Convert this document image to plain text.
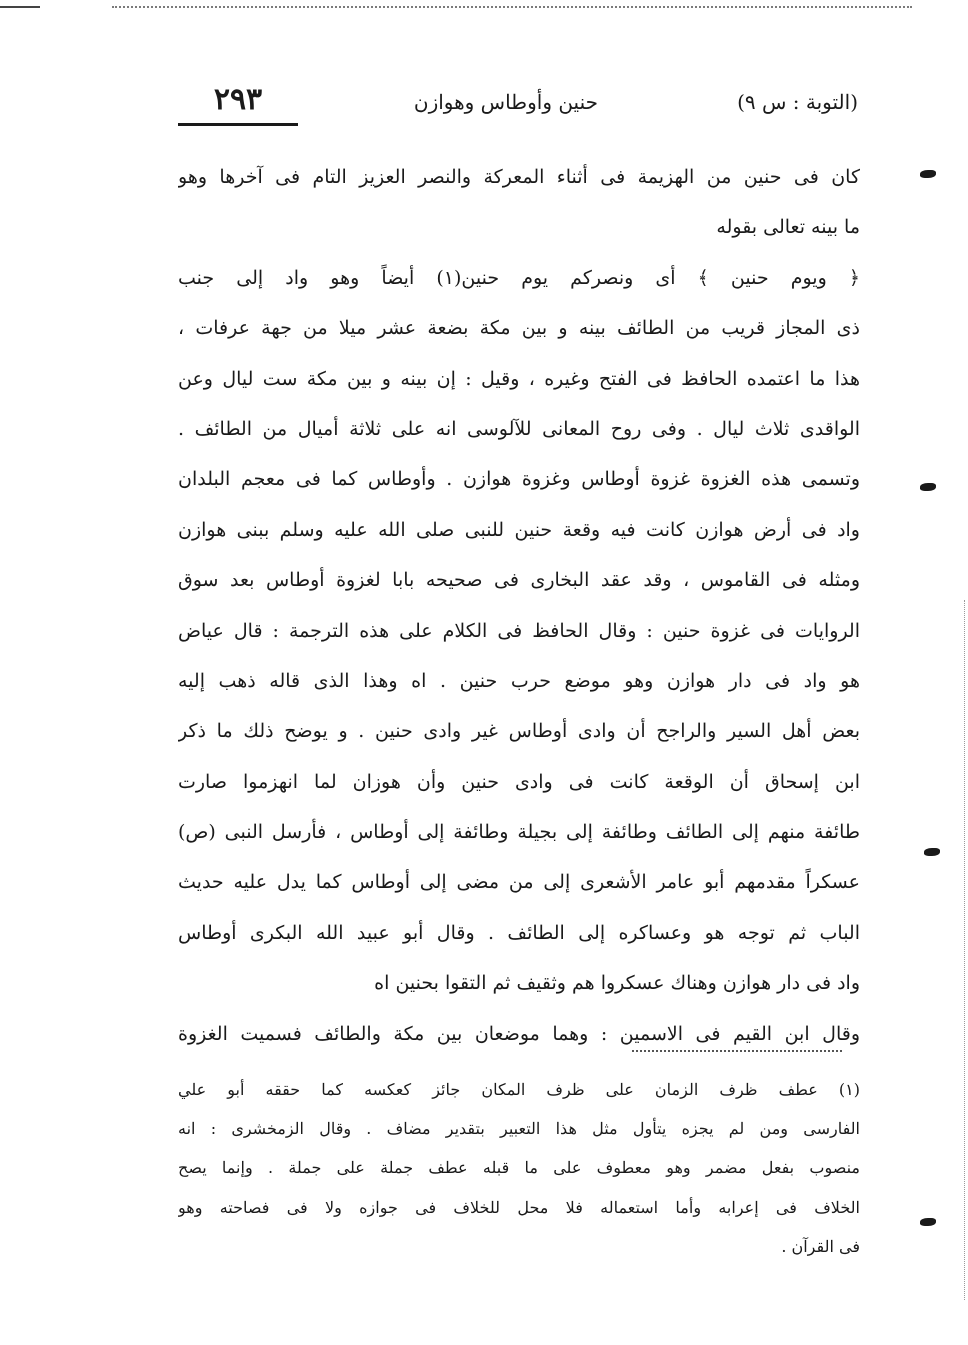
(التوبة : س ٩)
حنين وأوطاس وهوازن
٢٩٣
كان فى حنين من الهزيمة فى أثناء المعركة والنصر العزيز التام فى آخرها وهو
ما بينه تعالى بقوله
﴿ ويوم حنين ﴾ أى ونصركم يوم حنين(١) أيضاً وهو واد إلى جنب
ذى المجاز قريب من الطائف بينه و بين مكة بضعة عشر ميلا من جهة عرفات ،
هذا ما اعتمده الحافظ فى الفتح وغيره ، وقيل : إن بينه و بين مكة ست ليال وعن
الواقدى ثلاث ليال . وفى روح المعانى للآلوسى انه على ثلاثة أميال من الطائف .
وتسمى هذه الغزوة غزوة أوطاس وغزوة هوازن . وأوطاس كما فى معجم البلدان
واد فى أرض هوازن كانت فيه وقعة حنين للنبى صلى الله عليه وسلم ببنى هوازن
ومثله فى القاموس ، وقد عقد البخارى فى صحيحه بابا لغزوة أوطاس بعد سوق
الروايات فى غزوة حنين : وقال الحافظ فى الكلام على هذه الترجمة : قال عياض
هو واد فى دار هوازن وهو موضع حرب حنين . اه وهذا الذى قاله ذهب إليه
بعض أهل السير والراجح أن وادى أوطاس غير وادى حنين . و يوضح ذلك ما ذكر
ابن إسحاق أن الوقعة كانت فى وادى حنين وأن هوزان لما انهزموا صارت
طائفة منهم إلى الطائف وطائفة إلى بجيلة وطائفة إلى أوطاس ، فأرسل النبى (ص)
عسكراً مقدمهم أبو عامر الأشعرى إلى من مضى إلى أوطاس كما يدل عليه حديث
الباب ثم توجه هو وعساكره إلى الطائف . وقال أبو عبيد الله البكرى أوطاس
واد فى دار هوازن وهناك عسكروا هم وثقيف ثم التقوا بحنين اه
وقال ابن القيم فى الاسمين : وهما موضعان بين مكة والطائف فسميت الغزوة
(١) عطف ظرف الزمان على ظرف المكان جائز كعكسه كما حققه أبو علي
الفارسى ومن لم يجزه يتأول مثل هذا التعبير بتقدير مضاف . وقال الزمخشرى : انه
منصوب بفعل مضمر وهو معطوف على ما قبله عطف جملة على جملة . وإنما يصح
الخلاف فى إعرابه وأما استعماله فلا محل للخلاف فى جوازه ولا فى فصاحته وهو
فى القرآن .
